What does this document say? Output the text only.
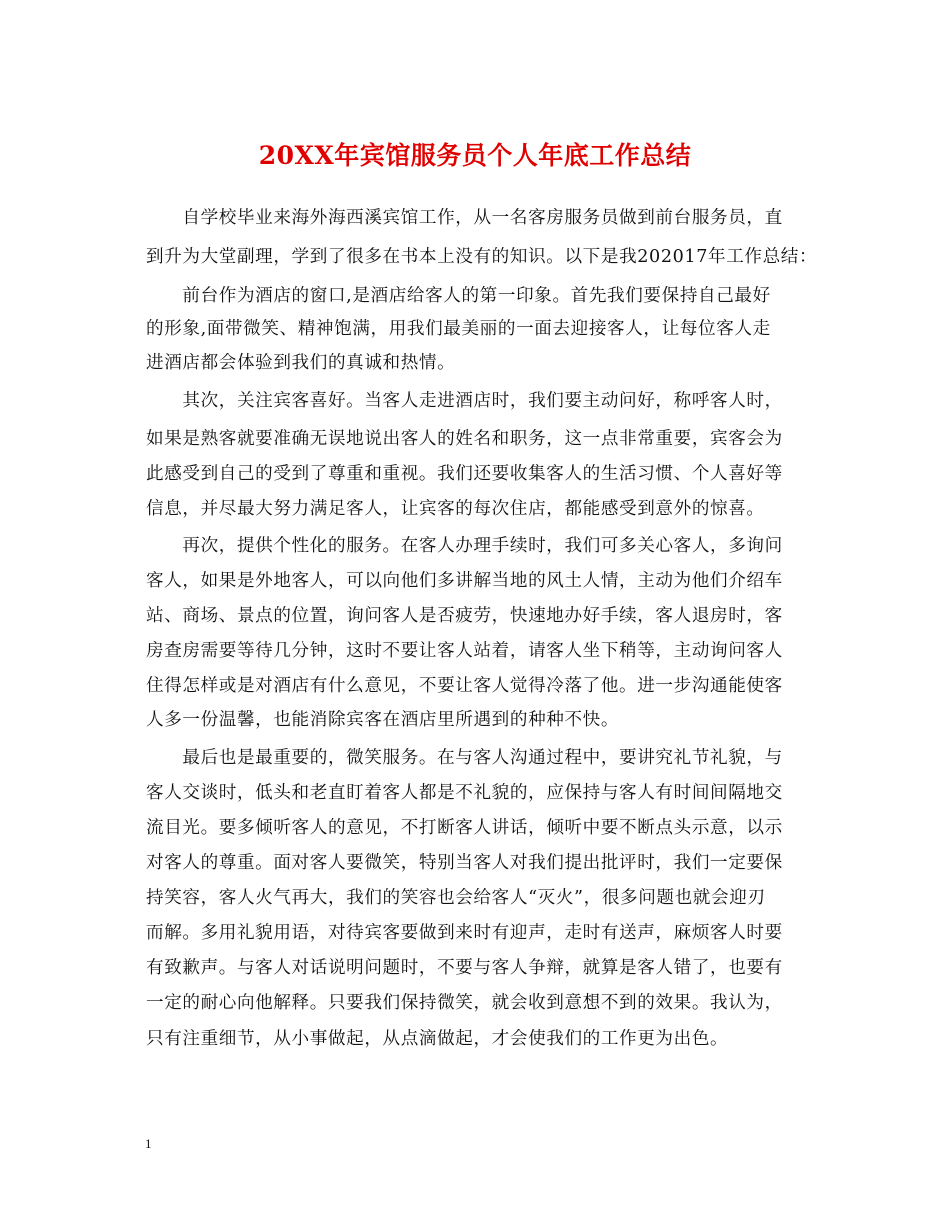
20XX年宾馆服务员个人年底工作总结
　　自学校毕业来海外海西溪宾馆工作，从一名客房服务员做到前台服务员，直
到升为大堂副理，学到了很多在书本上没有的知识。以下是我202017年工作总结：
　　前台作为酒店的窗口,是酒店给客人的第一印象。首先我们要保持自己最好
的形象,面带微笑、精神饱满，用我们最美丽的一面去迎接客人，让每位客人走
进酒店都会体验到我们的真诚和热情。
　　其次，关注宾客喜好。当客人走进酒店时，我们要主动问好，称呼客人时，
如果是熟客就要准确无误地说出客人的姓名和职务，这一点非常重要，宾客会为
此感受到自己的受到了尊重和重视。我们还要收集客人的生活习惯、个人喜好等
信息，并尽最大努力满足客人，让宾客的每次住店，都能感受到意外的惊喜。
　　再次，提供个性化的服务。在客人办理手续时，我们可多关心客人，多询问
客人，如果是外地客人，可以向他们多讲解当地的风土人情，主动为他们介绍车
站、商场、景点的位置，询问客人是否疲劳，快速地办好手续，客人退房时，客
房查房需要等待几分钟，这时不要让客人站着，请客人坐下稍等，主动询问客人
住得怎样或是对酒店有什么意见，不要让客人觉得冷落了他。进一步沟通能使客
人多一份温馨，也能消除宾客在酒店里所遇到的种种不快。
　　最后也是最重要的，微笑服务。在与客人沟通过程中，要讲究礼节礼貌，与
客人交谈时，低头和老直盯着客人都是不礼貌的，应保持与客人有时间间隔地交
流目光。要多倾听客人的意见，不打断客人讲话，倾听中要不断点头示意，以示
对客人的尊重。面对客人要微笑，特别当客人对我们提出批评时，我们一定要保
持笑容，客人火气再大，我们的笑容也会给客人“灭火”，很多问题也就会迎刃
而解。多用礼貌用语，对待宾客要做到来时有迎声，走时有送声，麻烦客人时要
有致歉声。与客人对话说明问题时，不要与客人争辩，就算是客人错了，也要有
一定的耐心向他解释。只要我们保持微笑，就会收到意想不到的效果。我认为，
只有注重细节，从小事做起，从点滴做起，才会使我们的工作更为出色。
1
